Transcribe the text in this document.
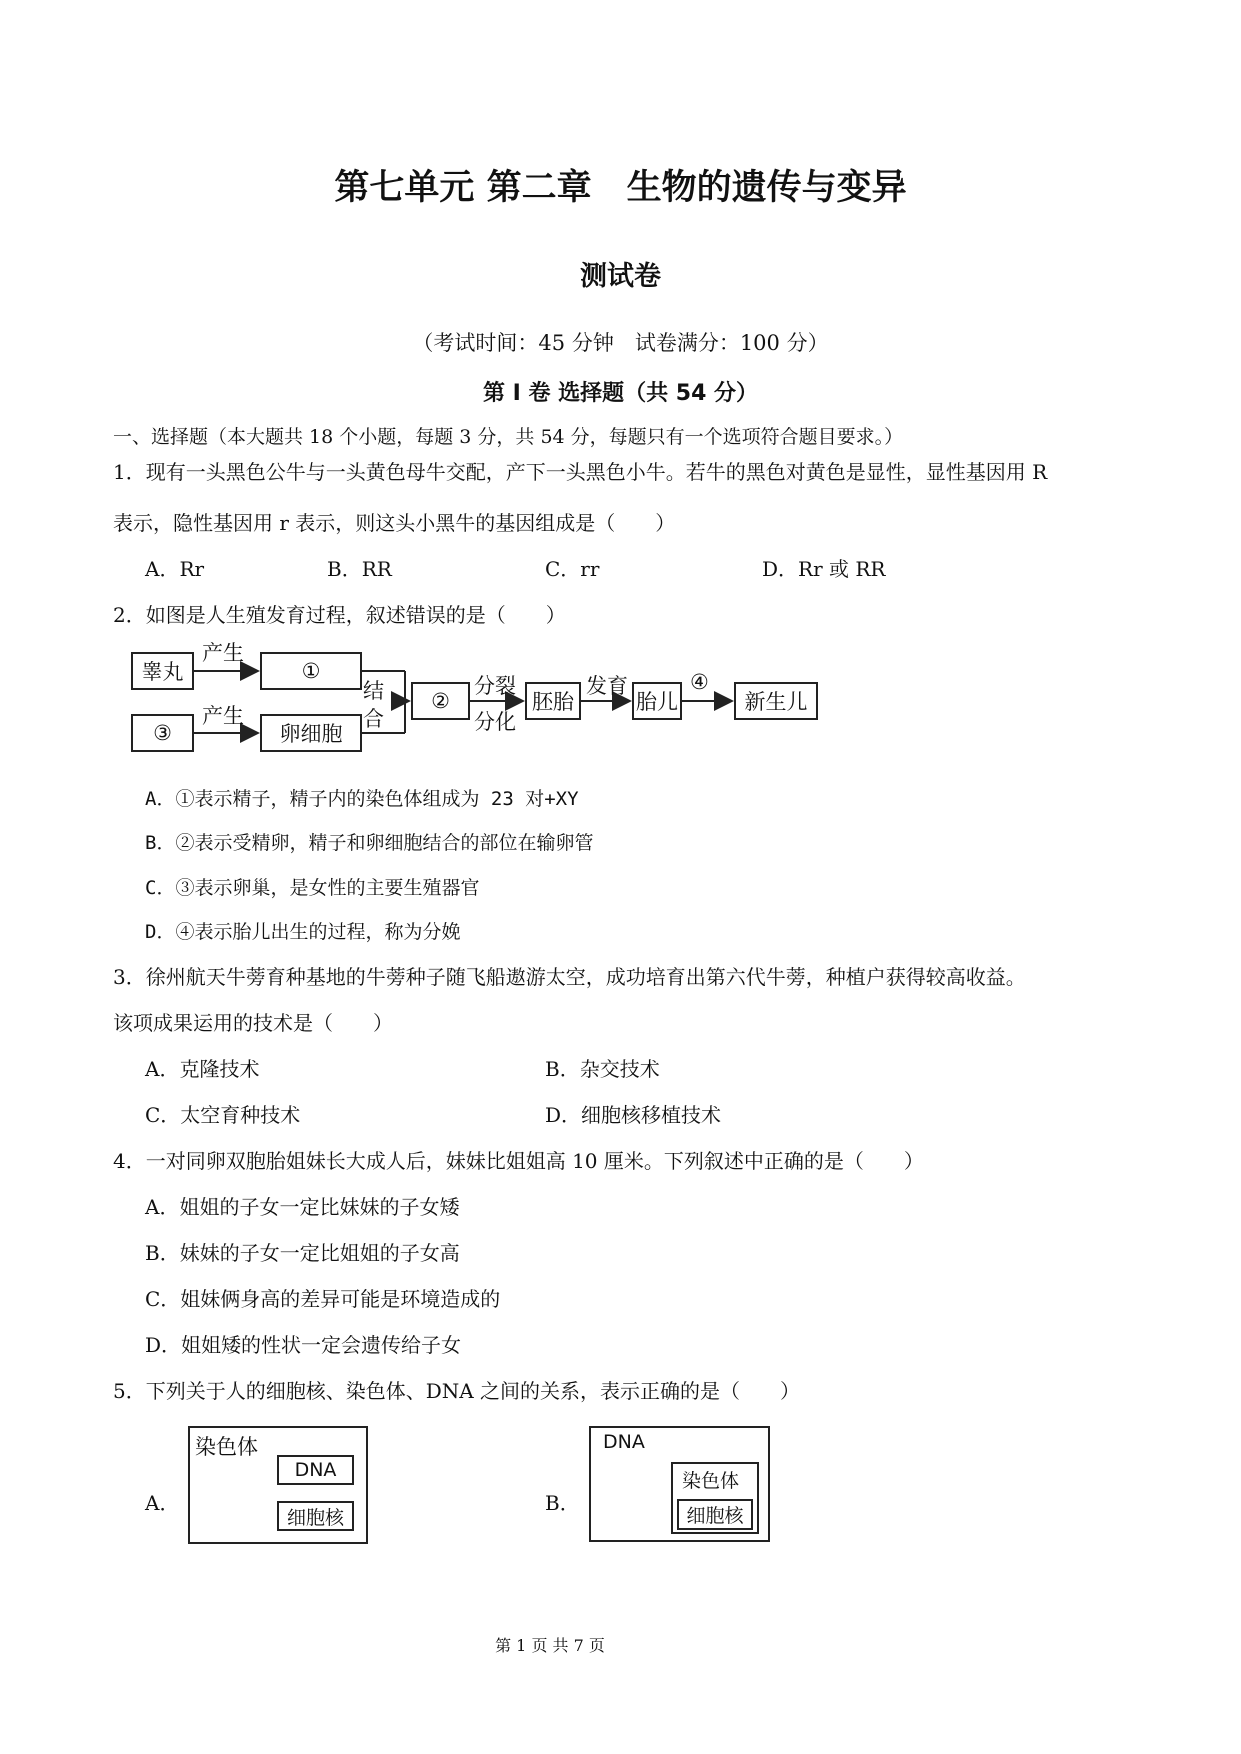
第七单元 第二章　生物的遗传与变异
测试卷
（考试时间：45 分钟　试卷满分：100 分）
第 I 卷 选择题（共 54 分）
一、选择题（本大题共 18 个小题，每题 3 分，共 54 分，每题只有一个选项符合题目要求。）
1．现有一头黑色公牛与一头黄色母牛交配，产下一头黑色小牛。若牛的黑色对黄色是显性，显性基因用 R
表示，隐性基因用 r 表示，则这头小黑牛的基因组成是（　　）
A．Rr	B．RR	C．rr	D．Rr 或 RR
2．如图是人生殖发育过程，叙述错误的是（　　）
睾丸
产生
①
③
产生
卵细胞
结
合
②
分裂
分化
胚胎
发育
胎儿
④
新生儿
A．①表示精子，精子内的染色体组成为 23 对+XY
B．②表示受精卵，精子和卵细胞结合的部位在输卵管
C．③表示卵巢，是女性的主要生殖器官
D．④表示胎儿出生的过程，称为分娩
3．徐州航天牛蒡育种基地的牛蒡种子随飞船遨游太空，成功培育出第六代牛蒡，种植户获得较高收益。
该项成果运用的技术是（　　）
A．克隆技术	B．杂交技术
C．太空育种技术	D．细胞核移植技术
4．一对同卵双胞胎姐妹长大成人后，妹妹比姐姐高 10 厘米。下列叙述中正确的是（　　）
A．姐姐的子女一定比妹妹的子女矮
B．妹妹的子女一定比姐姐的子女高
C．姐妹俩身高的差异可能是环境造成的
D．姐姐矮的性状一定会遗传给子女
5．下列关于人的细胞核、染色体、DNA 之间的关系，表示正确的是（　　）
A．
染色体
DNA
细胞核
B．
DNA
染色体
细胞核
第 1 页 共 7 页
